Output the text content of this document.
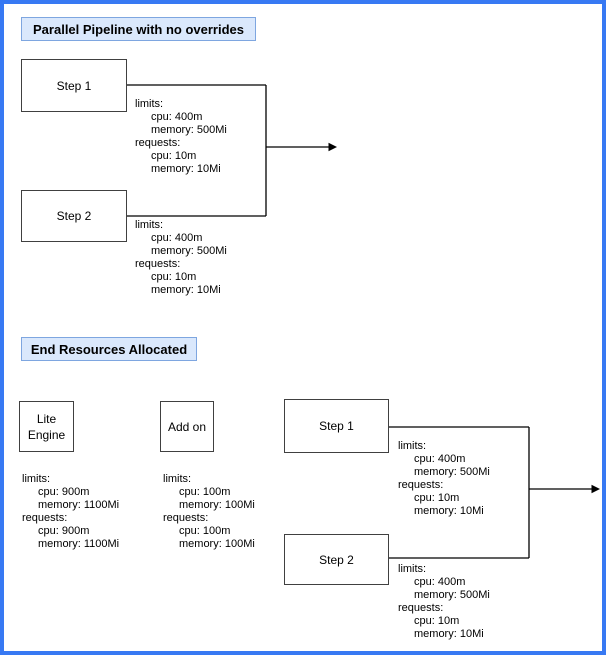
Parallel Pipeline with no overrides
Step 1
Step 2
limits:
cpu: 400m
memory: 500Mi
requests:
cpu: 10m
memory: 10Mi
limits:
cpu: 400m
memory: 500Mi
requests:
cpu: 10m
memory: 10Mi
End Resources Allocated
Lite
Engine
Add on	Step 1
Step 2
limits:
cpu: 900m
memory: 1100Mi
requests:
cpu: 900m
memory: 1100Mi
limits:
cpu: 100m
memory: 100Mi
requests:
cpu: 100m
memory: 100Mi
limits:
cpu: 400m
memory: 500Mi
requests:
cpu: 10m
memory: 10Mi
limits:
cpu: 400m
memory: 500Mi
requests:
cpu: 10m
memory: 10Mi
